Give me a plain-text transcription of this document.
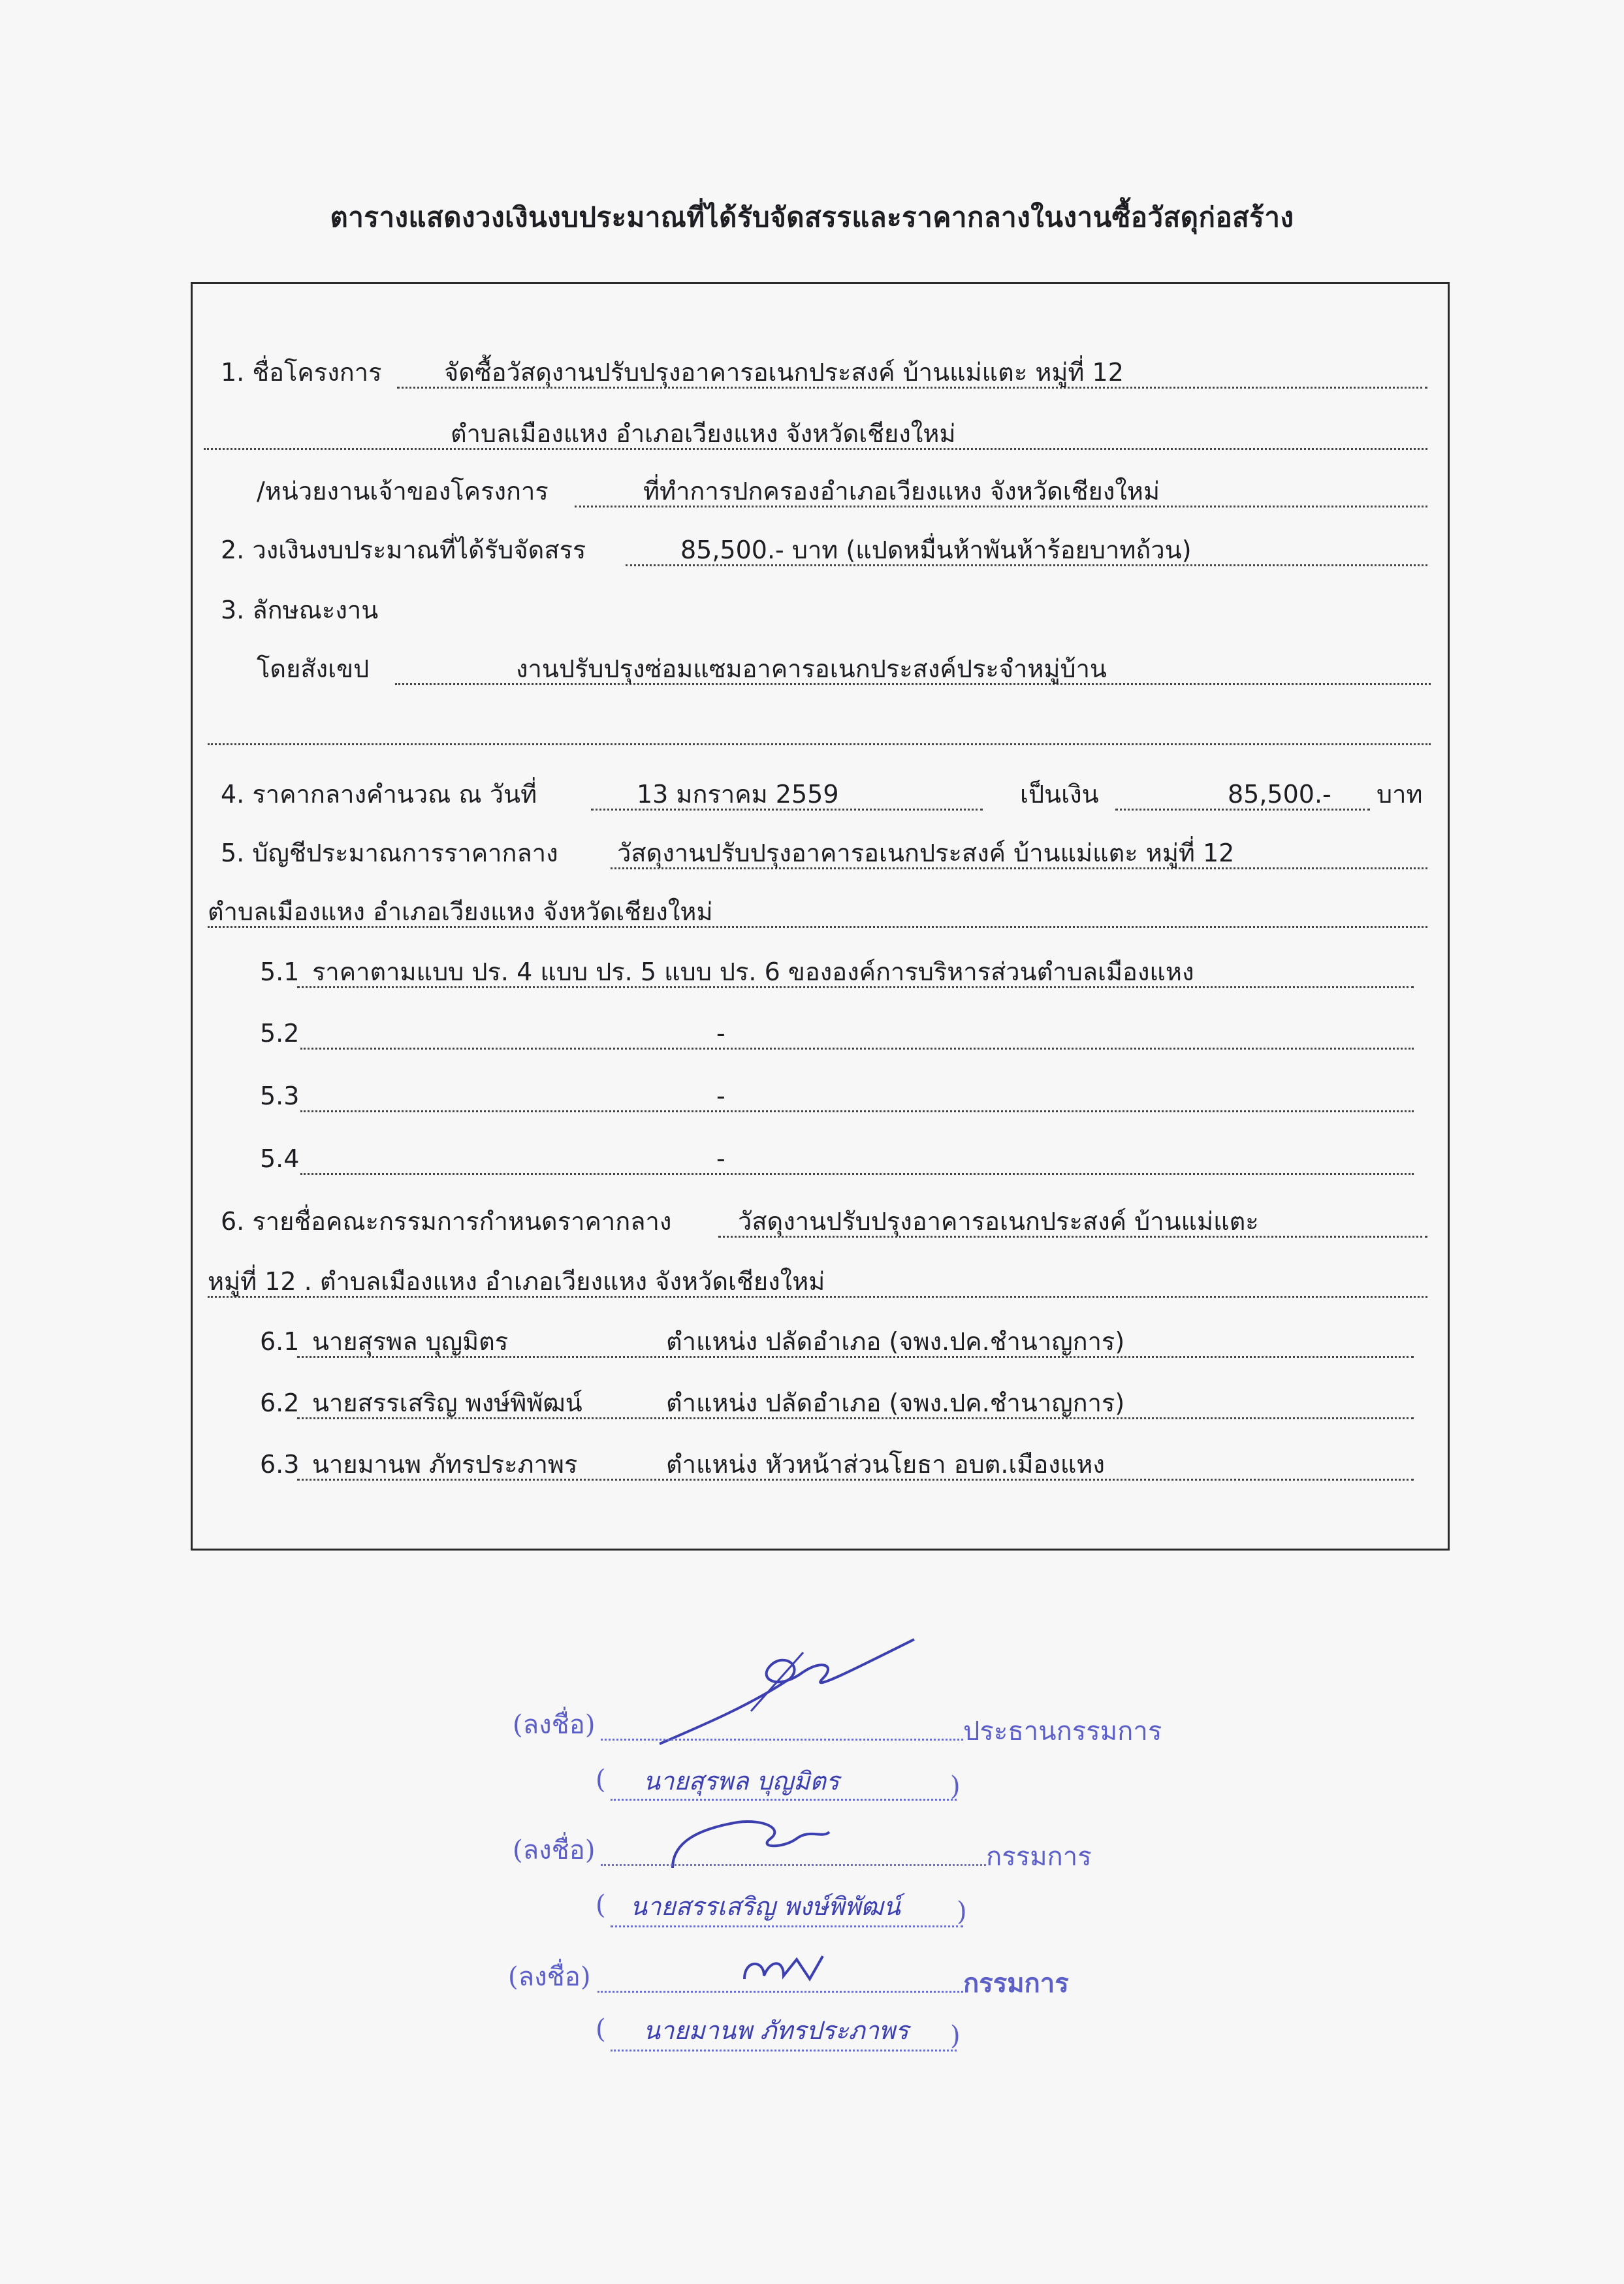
ตารางแสดงวงเงินงบประมาณที่ได้รับจัดสรรและราคากลางในงานซื้อวัสดุก่อสร้าง
1. ชื่อโครงการ	จัดซื้อวัสดุงานปรับปรุงอาคารอเนกประสงค์ บ้านแม่แตะ หมู่ที่ 12
ตำบลเมืองแหง อำเภอเวียงแหง จังหวัดเชียงใหม่
/หน่วยงานเจ้าของโครงการ	ที่ทำการปกครองอำเภอเวียงแหง จังหวัดเชียงใหม่
2. วงเงินงบประมาณที่ได้รับจัดสรร	85,500.- บาท (แปดหมื่นห้าพันห้าร้อยบาทถ้วน)
3. ลักษณะงาน
โดยสังเขป	งานปรับปรุงซ่อมแซมอาคารอเนกประสงค์ประจำหมู่บ้าน
4. ราคากลางคำนวณ ณ วันที่	13 มกราคม 2559	เป็นเงิน	85,500.- บาท
5. บัญชีประมาณการราคากลาง วัสดุงานปรับปรุงอาคารอเนกประสงค์ บ้านแม่แตะ หมู่ที่ 12
ตำบลเมืองแหง อำเภอเวียงแหง จังหวัดเชียงใหม่
5.1 ราคาตามแบบ ปร. 4 แบบ ปร. 5 แบบ ปร. 6 ขององค์การบริหารส่วนตำบลเมืองแหง
5.2	-
5.3	-
5.4	-
6. รายชื่อคณะกรรมการกำหนดราคากลาง	วัสดุงานปรับปรุงอาคารอเนกประสงค์ บ้านแม่แตะ
หมู่ที่ 12 . ตำบลเมืองแหง อำเภอเวียงแหง จังหวัดเชียงใหม่
6.1 นายสุรพล บุญมิตร	ตำแหน่ง ปลัดอำเภอ (จพง.ปค.ชำนาญการ)
6.2 นายสรรเสริญ พงษ์พิพัฒน์	ตำแหน่ง ปลัดอำเภอ (จพง.ปค.ชำนาญการ)
6.3 นายมานพ ภัทรประภาพร	ตำแหน่ง หัวหน้าส่วนโยธา อบต.เมืองแหง
(ลงชื่อ)	ประธานกรรมการ
( นายสุรพล บุญมิตร	)
(ลงชื่อ)	กรรมการ
( นายสรรเสริญ พงษ์พิพัฒน์ )
(ลงชื่อ)	กรรมการ
( นายมานพ ภัทรประภาพร )
